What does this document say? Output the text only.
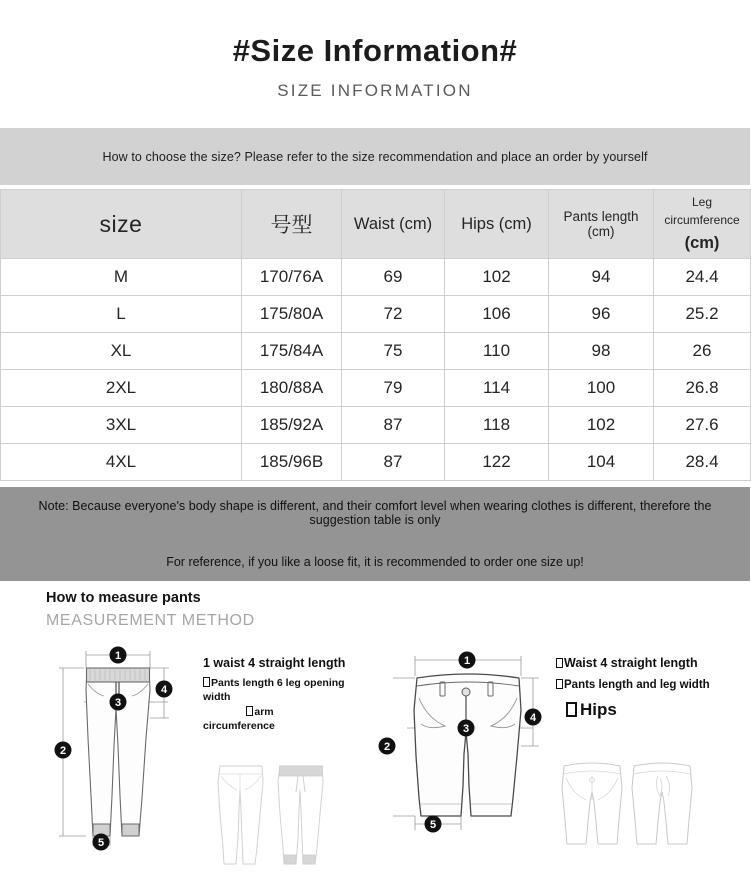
#Size Information#
SIZE INFORMATION
How to choose the size? Please refer to the size recommendation and place an order by yourself
size	号型	Waist (cm)	Hips (cm)	Pants length (cm)	Leg circumference
(cm)

M	170/76A	69	102	94	24.4
L	175/80A	72	106	96	25.2
XL	175/84A	75	110	98	26
2XL	180/88A	79	114	100	26.8
3XL	185/92A	87	118	102	27.6
4XL	185/96B	87	122	104	28.4
Note: Because everyone's body shape is different, and their comfort level when wearing clothes is different, therefore the suggestion table is only
For reference, if you like a loose fit, it is recommended to order one size up!
How to measure pants
MEASUREMENT METHOD
1
2
3
4
5
1 waist 4 straight length
Pants length 6 leg opening width
arm
circumference
1
2
3
4
5
Waist 4 straight length
Pants length and leg width
Hips
